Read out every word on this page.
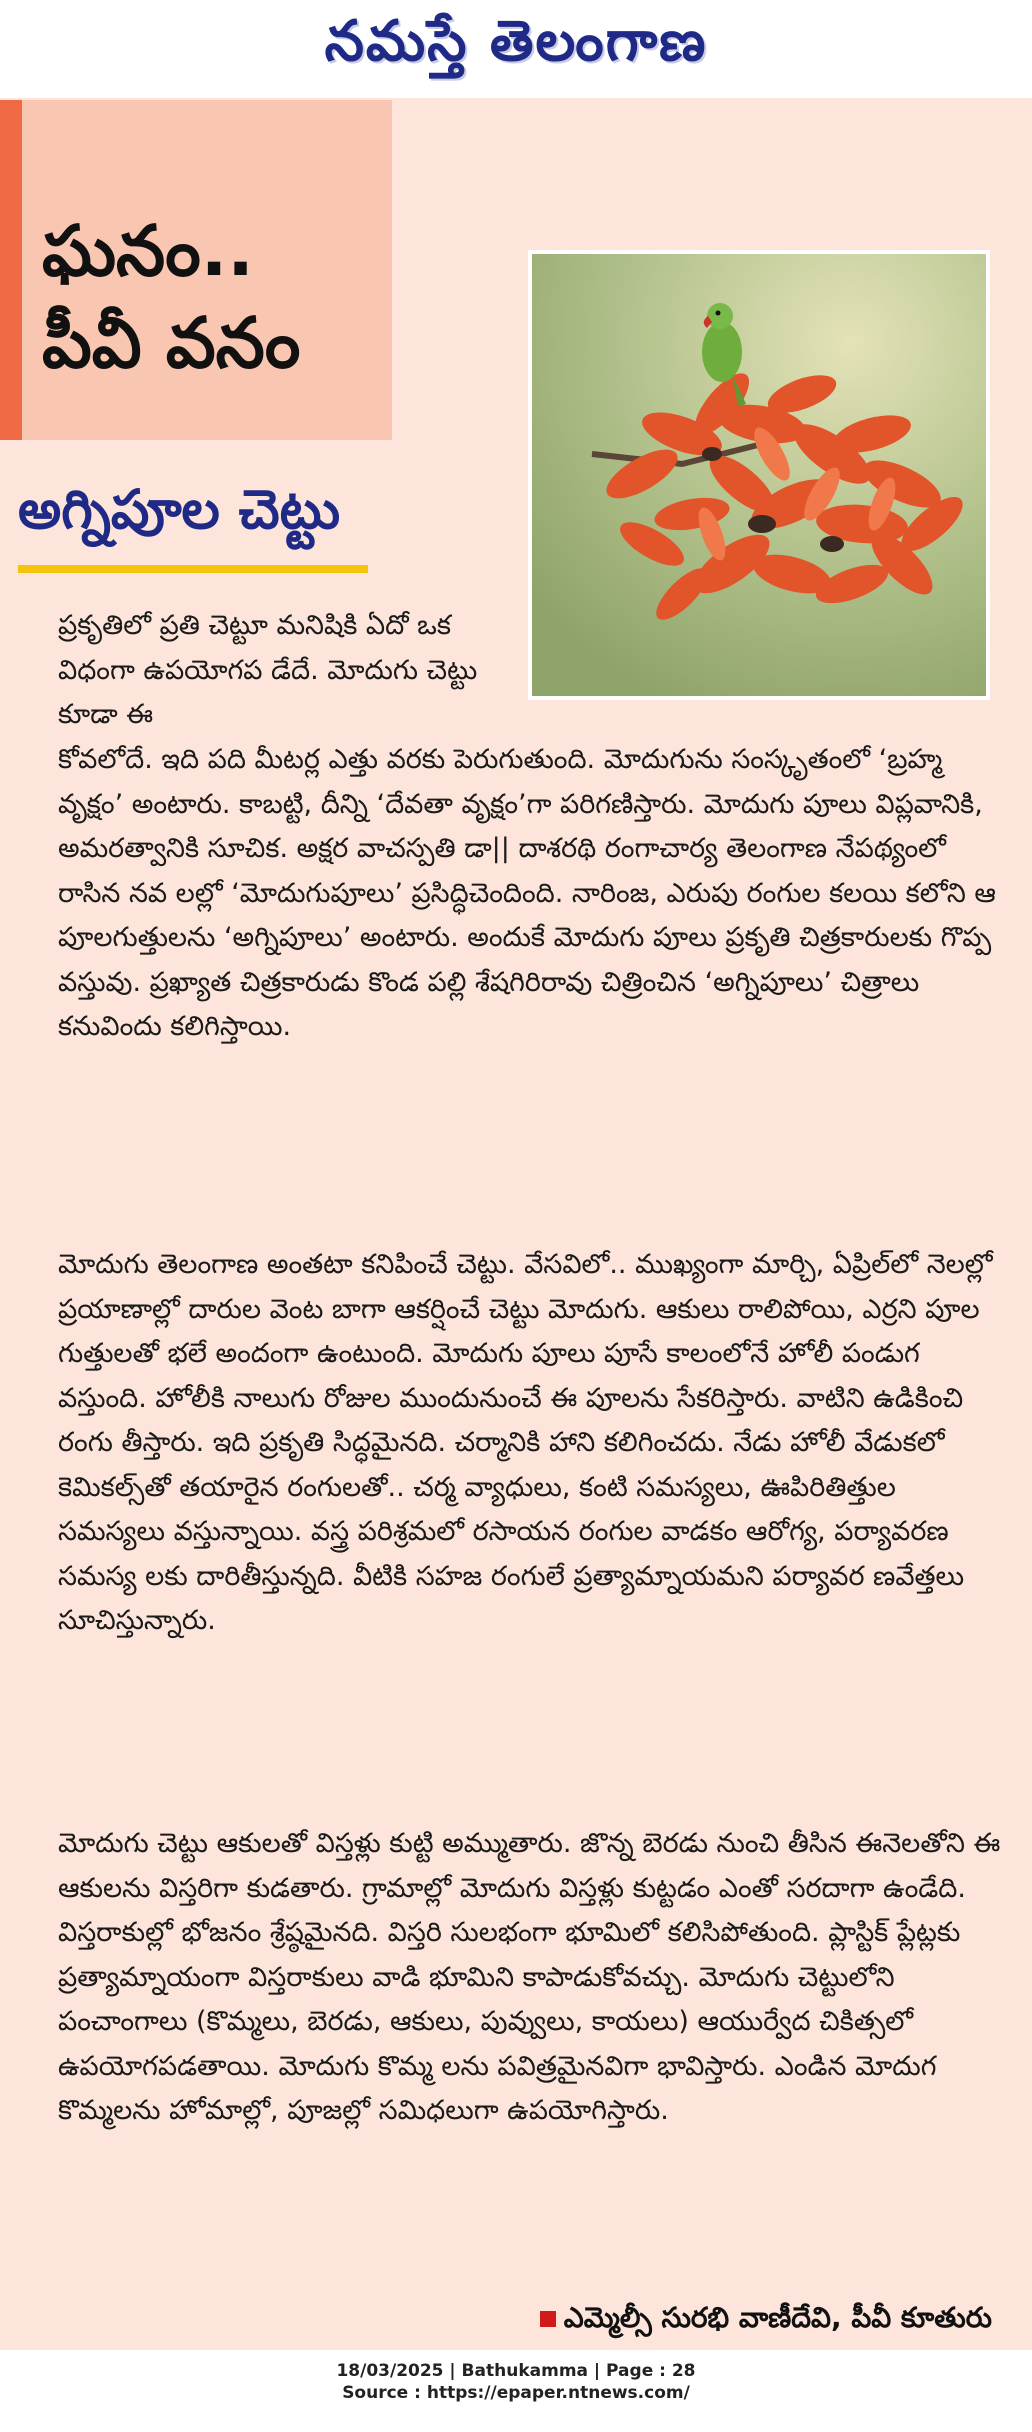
నమస్తే తెలంగాణ
ఘనం..
పీవీ వనం
అగ్నిపూల చెట్టు
ప్రకృతిలో ప్రతి చెట్టూ మనిషికి ఏదో ఒక విధంగా ఉపయోగప డేదే. మోదుగు చెట్టు కూడా ఈ
కోవలోదే. ఇది పది మీటర్ల ఎత్తు వరకు పెరుగుతుంది. మోదుగును సంస్కృతంలో ‘బ్రహ్మ వృక్షం’ అంటారు. కాబట్టి, దీన్ని ‘దేవతా వృక్షం’గా పరిగణిస్తారు. మోదుగు పూలు విప్లవానికి, అమరత్వానికి సూచిక. అక్షర వాచస్పతి డా|| దాశరథి రంగాచార్య తెలంగాణ నేపథ్యంలో రాసిన నవ లల్లో ‘మోదుగుపూలు’ ప్రసిద్ధిచెందింది. నారింజ, ఎరుపు రంగుల కలయి కలోని ఆ పూలగుత్తులను ‘అగ్నిపూలు’ అంటారు. అందుకే మోదుగు పూలు ప్రకృతి చిత్రకారులకు గొప్ప వస్తువు. ప్రఖ్యాత చిత్రకారుడు కొండ పల్లి శేషగిరిరావు చిత్రించిన ‘అగ్నిపూలు’ చిత్రాలు కనువిందు కలిగిస్తాయి.
మోదుగు తెలంగాణ అంతటా కనిపించే చెట్టు. వేసవిలో.. ముఖ్యంగా మార్చి, ఏప్రిల్‌లో నెలల్లో ప్రయాణాల్లో దారుల వెంట బాగా ఆకర్షించే చెట్టు మోదుగు. ఆకులు రాలిపోయి, ఎర్రని పూల గుత్తులతో భలే అందంగా ఉంటుంది. మోదుగు పూలు పూసే కాలంలోనే హోలీ పండుగ వస్తుంది. హోలీకి నాలుగు రోజుల ముందునుంచే ఈ పూలను సేకరిస్తారు. వాటిని ఉడికించి రంగు తీస్తారు. ఇది ప్రకృతి సిద్ధమైనది. చర్మానికి హాని కలిగించదు. నేడు హోలీ వేడుకలో కెమికల్స్‌తో తయారైన రంగులతో.. చర్మ వ్యాధులు, కంటి సమస్యలు, ఊపిరితిత్తుల సమస్యలు వస్తున్నాయి. వస్త్ర పరిశ్రమలో రసాయన రంగుల వాడకం ఆరోగ్య, పర్యావరణ సమస్య లకు దారితీస్తున్నది. వీటికి సహజ రంగులే ప్రత్యామ్నాయమని పర్యావర ణవేత్తలు సూచిస్తున్నారు.
మోదుగు చెట్టు ఆకులతో విస్తళ్లు కుట్టి అమ్ముతారు. జొన్న బెరడు నుంచి తీసిన ఈనెలతోని ఈ ఆకులను విస్తరిగా కుడతారు. గ్రామాల్లో మోదుగు విస్తళ్లు కుట్టడం ఎంతో సరదాగా ఉండేది. విస్తరాకుల్లో భోజనం శ్రేష్ఠమైనది. విస్తరి సులభంగా భూమిలో కలిసిపోతుంది. ప్లాస్టిక్ ప్లేట్లకు ప్రత్యామ్నాయంగా విస్తరాకులు వాడి భూమిని కాపాడుకోవచ్చు. మోదుగు చెట్టులోని పంచాంగాలు (కొమ్మలు, బెరడు, ఆకులు, పువ్వులు, కాయలు) ఆయుర్వేద చికిత్సలో ఉపయోగపడతాయి. మోదుగు కొమ్మ లను పవిత్రమైనవిగా భావిస్తారు. ఎండిన మోదుగ కొమ్మలను హోమాల్లో, పూజల్లో సమిధలుగా ఉపయోగిస్తారు.
ఎమ్మెల్సీ సురభి వాణీదేవి, పీవీ కూతురు
18/03/2025 | Bathukamma | Page : 28
Source : https://epaper.ntnews.com/
